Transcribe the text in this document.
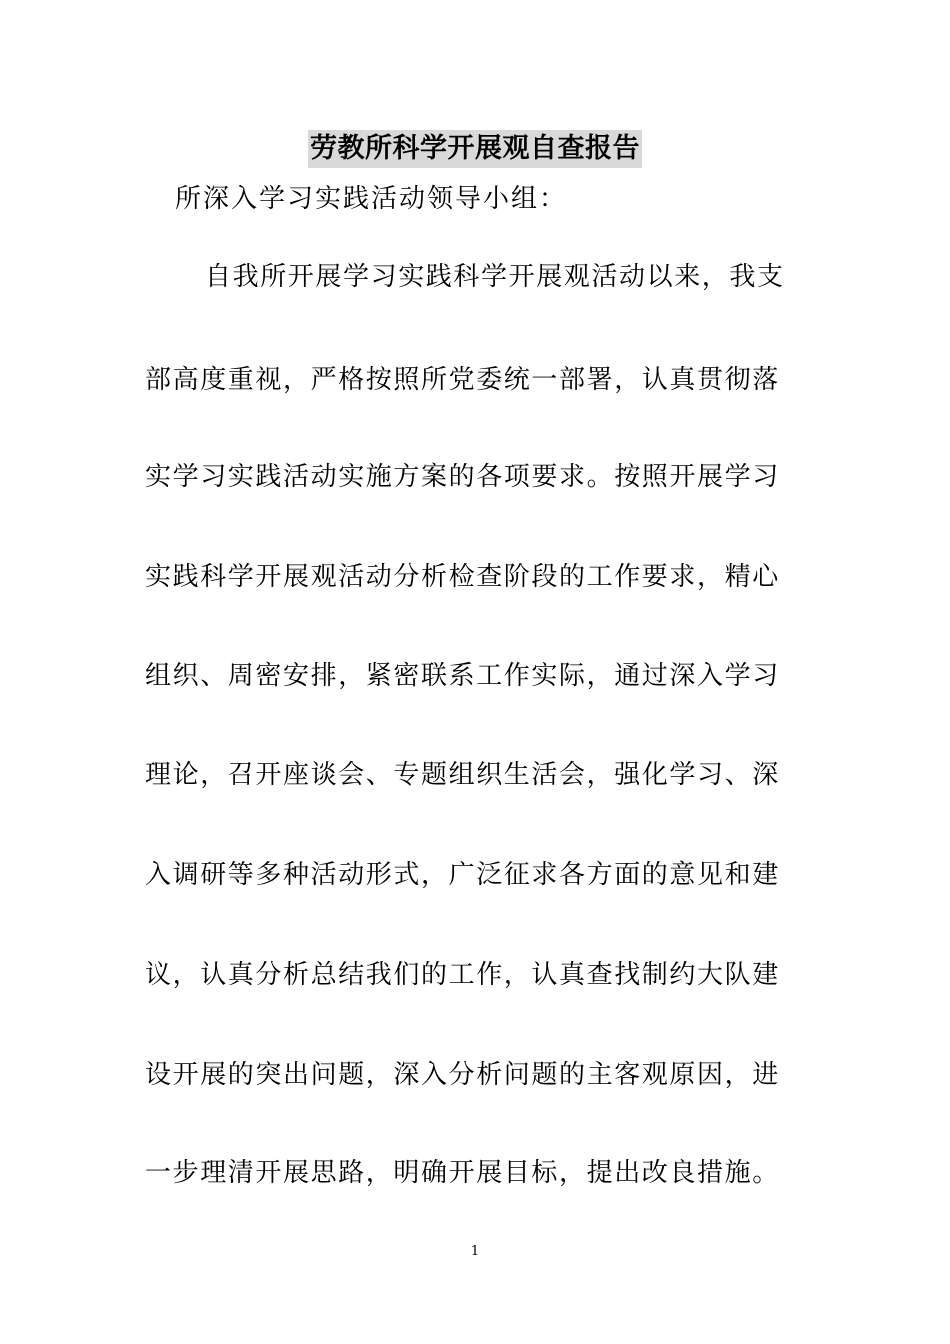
劳教所科学开展观自查报告
所深入学习实践活动领导小组：
自我所开展学习实践科学开展观活动以来，我支
部高度重视，严格按照所党委统一部署，认真贯彻落
实学习实践活动实施方案的各项要求。按照开展学习
实践科学开展观活动分析检查阶段的工作要求，精心
组织、周密安排，紧密联系工作实际，通过深入学习
理论，召开座谈会、专题组织生活会，强化学习、深
入调研等多种活动形式，广泛征求各方面的意见和建
议，认真分析总结我们的工作，认真查找制约大队建
设开展的突出问题，深入分析问题的主客观原因，进
一步理清开展思路，明确开展目标，提出改良措施。
1
